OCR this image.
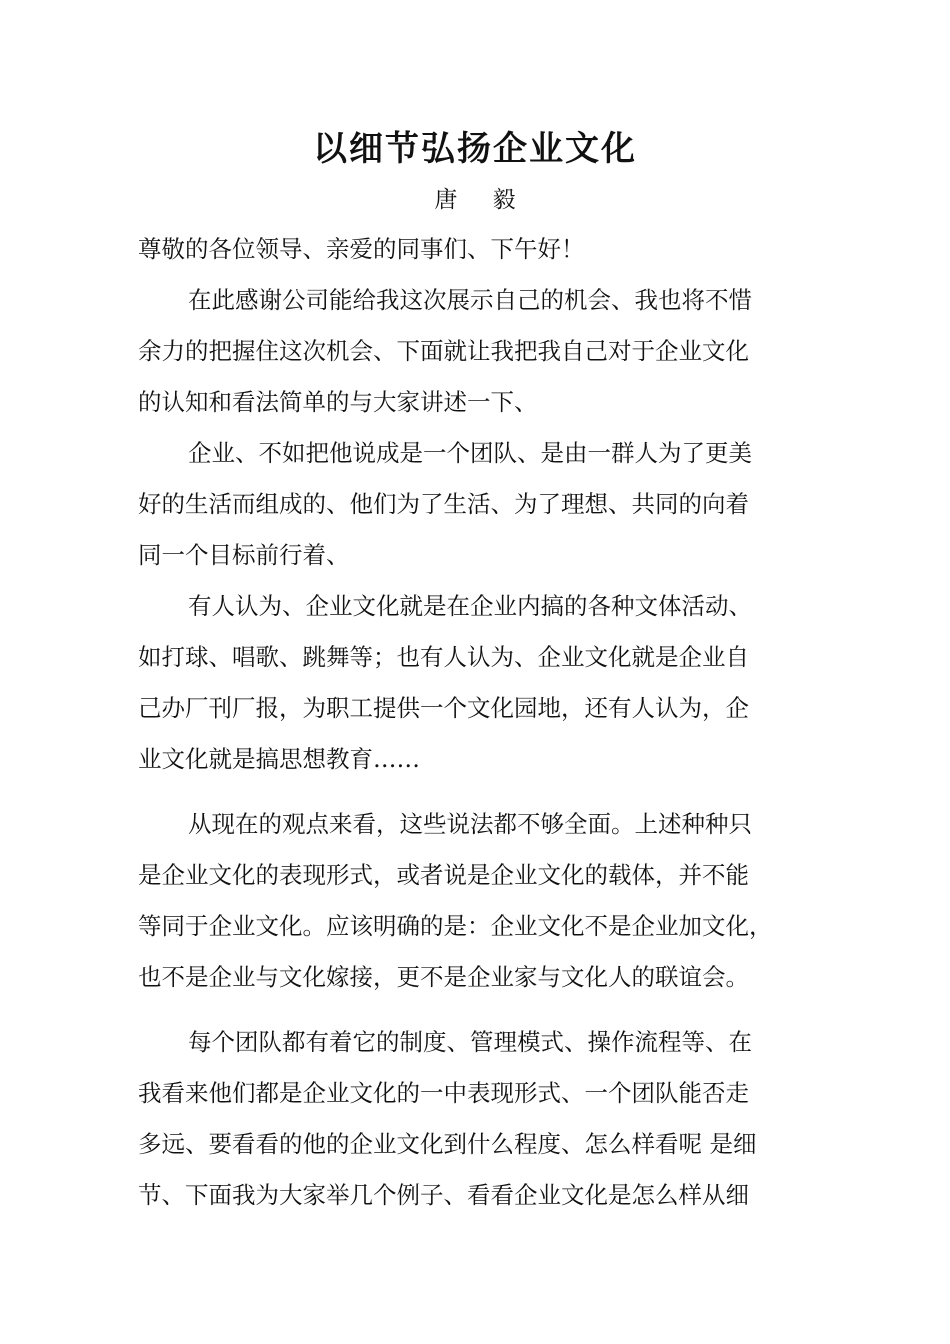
以细节弘扬企业文化
唐 毅

尊敬的各位领导、亲爱的同事们、下午好！

在此感谢公司能给我这次展示自己的机会、我也将不惜
余力的把握住这次机会、下面就让我把我自己对于企业文化
的认知和看法简单的与大家讲述一下、
企业、不如把他说成是一个团队、是由一群人为了更美
好的生活而组成的、他们为了生活、为了理想、共同的向着
同一个目标前行着、
有人认为、企业文化就是在企业内搞的各种文体活动、
如打球、唱歌、跳舞等；也有人认为、企业文化就是企业自
己办厂刊厂报，为职工提供一个文化园地，还有人认为，企
业文化就是搞思想教育……
从现在的观点来看，这些说法都不够全面。上述种种只
是企业文化的表现形式，或者说是企业文化的载体，并不能
等同于企业文化。应该明确的是：企业文化不是企业加文化，
也不是企业与文化嫁接，更不是企业家与文化人的联谊会。
每个团队都有着它的制度、管理模式、操作流程等、在
我看来他们都是企业文化的一中表现形式、一个团队能否走
多远、要看看的他的企业文化到什么程度、怎么样看呢 是细
节、下面我为大家举几个例子、看看企业文化是怎么样从细
